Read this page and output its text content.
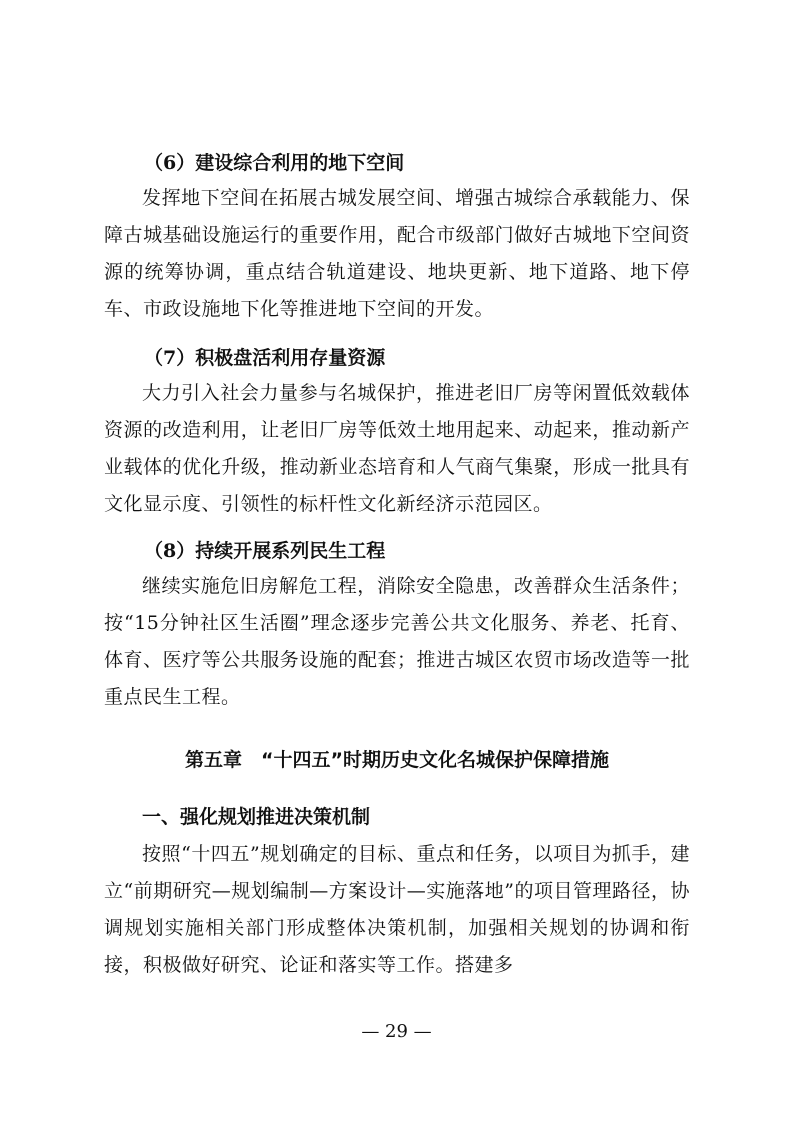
（6）建设综合利用的地下空间

发挥地下空间在拓展古城发展空间、增强古城综合承载能力、保障古城基础设施运行的重要作用，配合市级部门做好古城地下空间资源的统筹协调，重点结合轨道建设、地块更新、地下道路、地下停车、市政设施地下化等推进地下空间的开发。

（7）积极盘活利用存量资源

大力引入社会力量参与名城保护，推进老旧厂房等闲置低效载体资源的改造利用，让老旧厂房等低效土地用起来、动起来，推动新产业载体的优化升级，推动新业态培育和人气商气集聚，形成一批具有文化显示度、引领性的标杆性文化新经济示范园区。

（8）持续开展系列民生工程

继续实施危旧房解危工程，消除安全隐患，改善群众生活条件；按“15分钟社区生活圈”理念逐步完善公共文化服务、养老、托育、体育、医疗等公共服务设施的配套；推进古城区农贸市场改造等一批重点民生工程。

第五章　“十四五”时期历史文化名城保护保障措施
一、强化规划推进决策机制

按照“十四五”规划确定的目标、重点和任务，以项目为抓手，建立“前期研究—规划编制—方案设计—实施落地”的项目管理路径，协调规划实施相关部门形成整体决策机制，加强相关规划的协调和衔接，积极做好研究、论证和落实等工作。搭建多

— 29 —
